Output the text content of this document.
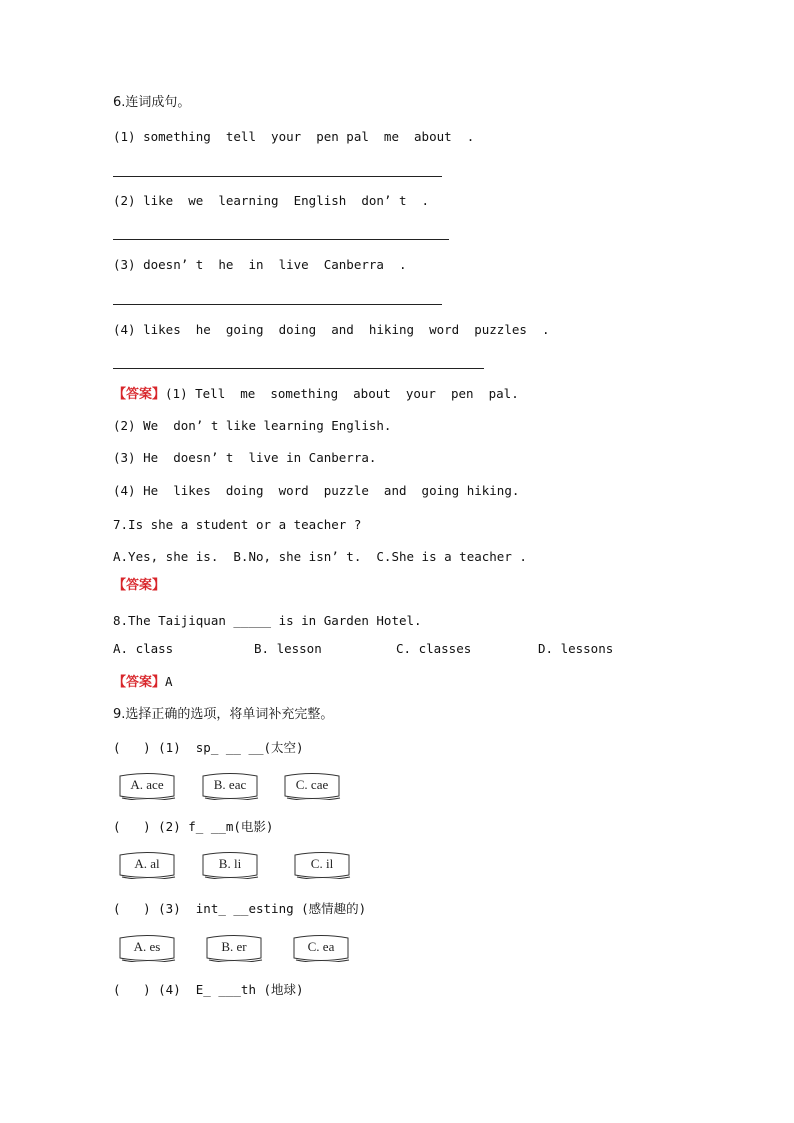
6.连词成句。
(1) something  tell  your  pen pal  me  about  .
(2) like  we  learning  English  don’ t  .
(3) doesn’ t  he  in  live  Canberra  .
(4) likes  he  going  doing  and  hiking  word  puzzles  .
【答案】(1) Tell  me  something  about  your  pen  pal.
(2) We  don’ t like learning English.
(3) He  doesn’ t  live in Canberra.
(4) He  likes  doing  word  puzzle  and  going hiking.
7.Is she a student or a teacher ?
A.Yes, she is.  B.No, she isn’ t.  C.She is a teacher .
【答案】
8.The Taijiquan _____ is in Garden Hotel.

A. class

	B. lesson

	C. classes

	D. lessons

【答案】A
9.选择正确的选项，将单词补充完整。
(   ) (1)  sp_ __ __(太空)
A. ace	B. eac	C. cae
(   ) (2) f_ __m(电影)
A. al	B. li	C. il
(   ) (3)  int_ __esting (感情趣的)
A. es	B. er	C. ea
(   ) (4)  E_ ___th (地球)
